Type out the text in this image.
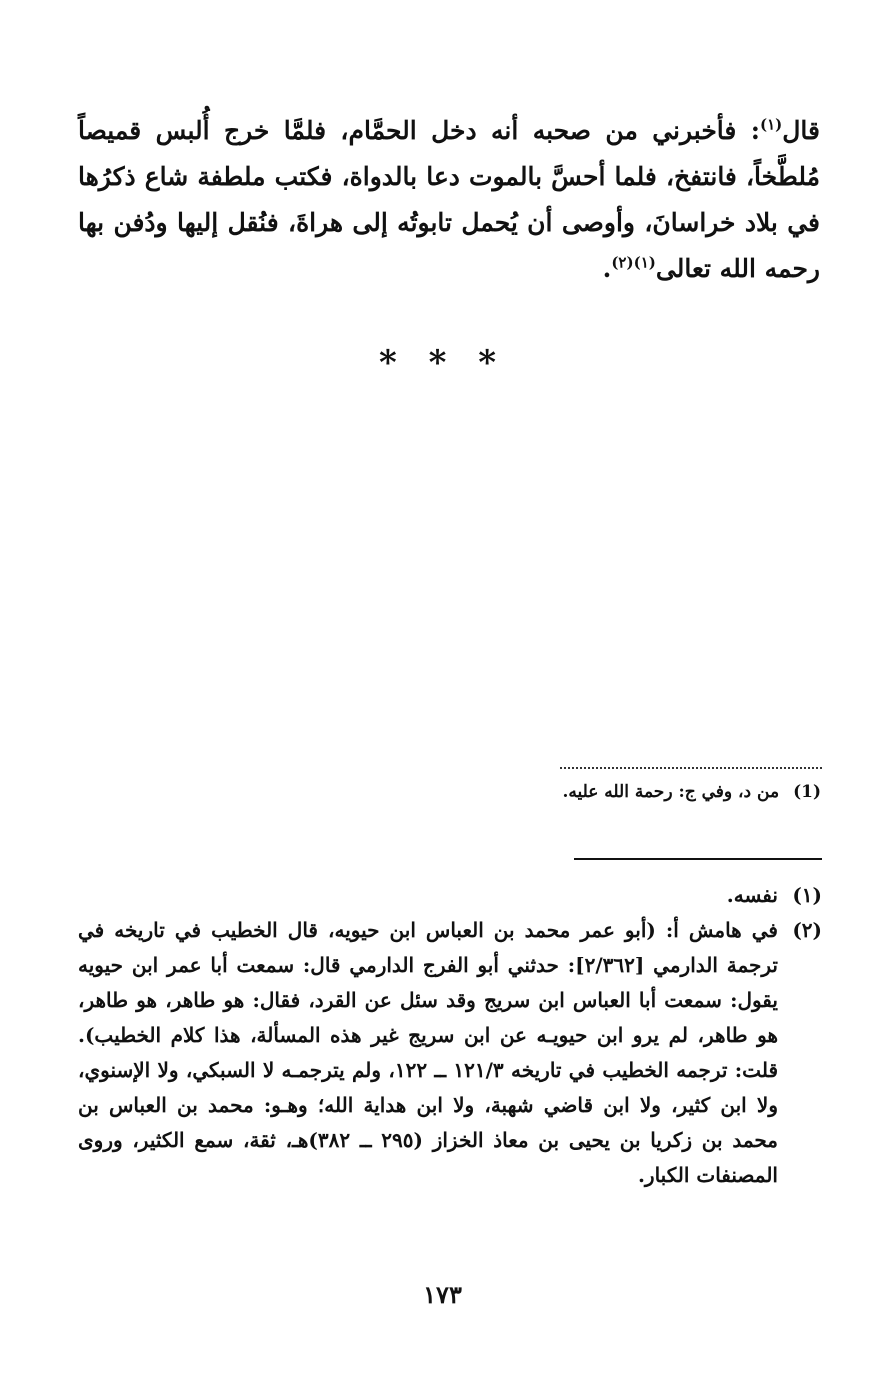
قال$^{(١)}$: فأخبرني من صحبه أنه دخل الحمَّام، فلمَّا خرج أُلبس قميصاً مُلطَّخاً، فانتفخ، فلما أحسَّ بالموت دعا بالدواة، فكتب ملطفة شاع ذكرُها في بلاد خراسانَ، وأوصى أن يُحمل تابوتُه إلى هراةَ، فنُقل إليها ودُفن بها رحمه الله تعالى$^{(١)(٢)}$.

* * *
(1)من د، وفي ج: رحمة الله عليه.
(١)
نفسه.
(٢)
في هامش أ: (أبو عمر محمد بن العباس ابن حيويه، قال الخطيب في تاريخه في ترجمة الدارمي [٢/٣٦٢]: حدثني أبو الفرج الدارمي قال: سمعت أبا عمر ابن حيويه يقول: سمعت أبا العباس ابن سريج وقد سئل عن القرد، فقال: هو طاهر، هو طاهر، هو طاهر، لم يرو ابن حيويـه عن ابن سريج غير هذه المسألة، هذا كلام الخطيب). قلت: ترجمه الخطيب في تاريخه ١٢١/٣ ــ ١٢٢، ولم يترجمـه لا السبكي، ولا الإسنوي، ولا ابن كثير، ولا ابن قاضي شهبة، ولا ابن هداية الله؛ وهـو: محمد بن العباس بن محمد بن زكريا بن يحيى بن معاذ الخزاز (٢٩٥ ــ ٣٨٢)هـ، ثقة، سمع الكثير، وروى المصنفات الكبار.
١٧٣
